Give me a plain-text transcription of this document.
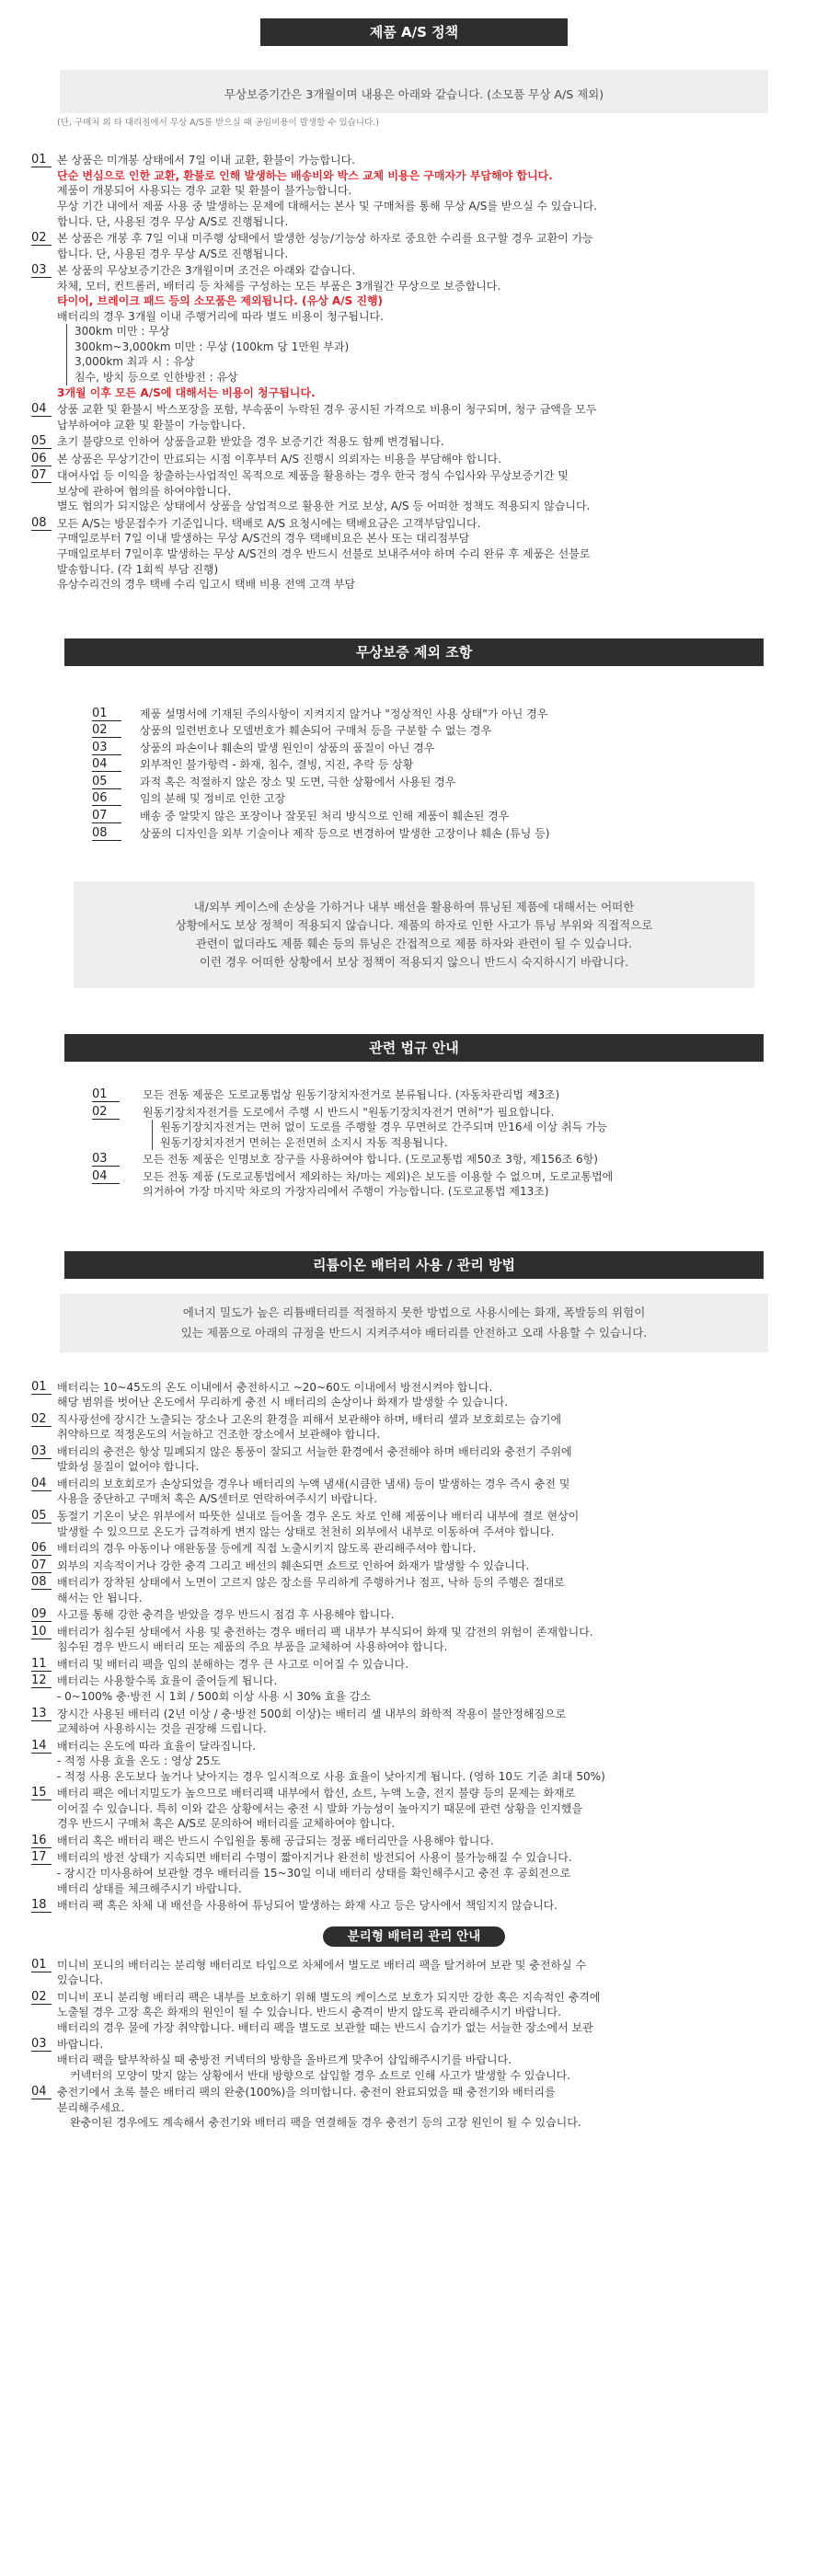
제품 A/S 정책
무상보증기간은 3개월이며 내용은 아래와 같습니다. (소모품 무상 A/S 제외)
(단, 구매처 외 타 대리점에서 무상 A/S를 받으실 때 공임비용이 발생할 수 있습니다.)
01 본 상품은 미개봉 상태에서 7일 이내 교환, 환불이 가능합니다.
단순 변심으로 인한 교환, 환불로 인해 발생하는 배송비와 박스 교체 비용은 구매자가 부담해야 합니다.
제품이 개봉되어 사용되는 경우 교환 및 환불이 불가능합니다.
무상 기간 내에서 제품 사용 중 발생하는 문제에 대해서는 본사 및 구매처를 통해 무상 A/S를 받으실 수 있습니다.
합니다. 단, 사용된 경우 무상 A/S로 진행됩니다.
02 본 상품은 개봉 후 7일 이내 미주행 상태에서 발생한 성능/기능상 하자로 중요한 수리를 요구할 경우 교환이 가능
합니다. 단, 사용된 경우 무상 A/S로 진행됩니다.
03 본 상품의 무상보증기간은 3개월이며 조건은 아래와 같습니다.
차체, 모터, 컨트롤러, 배터리 등 차체를 구성하는 모든 부품은 3개월간 무상으로 보증합니다.
타이어, 브레이크 패드 등의 소모품은 제외됩니다. (유상 A/S 진행)
배터리의 경우 3개월 이내 주행거리에 따라 별도 비용이 청구됩니다.
300km 미만 : 무상
300km~3,000km 미만 : 무상 (100km 당 1만원 부과)
3,000km 최과 시 : 유상
침수, 방치 등으로 인한방전 : 유상
3개월 이후 모든 A/S에 대해서는 비용이 청구됩니다.
04 상품 교환 및 환불시 박스포장을 포함, 부속품이 누락된 경우 공시된 가격으로 비용이 청구되며, 청구 금액을 모두
납부하여야 교환 및 환불이 가능합니다.
05 초기 불량으로 인하여 상품을교환 받았을 경우 보증기간 적용도 함께 변경됩니다.
06 본 상품은 무상기간이 만료되는 시점 이후부터 A/S 진행시 의뢰자는 비용을 부담해야 합니다.
07 대여사업 등 이익을 창출하는사업적인 목적으로 제품을 활용하는 경우 한국 정식 수입사와 무상보증기간 및
보상에 관하여 협의를 하여야합니다.
별도 협의가 되지않은 상태에서 상품을 상업적으로 활용한 거로 보상, A/S 등 어떠한 정책도 적용되지 않습니다.
08 모든 A/S는 방문접수가 기준입니다. 택배로 A/S 요청시에는 택배요금은 고객부담입니다.
구매일로부터 7일 이내 발생하는 무상 A/S건의 경우 택배비요은 본사 또는 대리점부담
구매일로부터 7일이후 발생하는 무상 A/S건의 경우 반드시 선불로 보내주셔야 하며 수리 완류 후 제품은 선불로
발송합니다. (각 1회씩 부담 진행)
유상수리건의 경우 택배 수리 입고시 택배 비용 전액 고객 부담
무상보증 제외 조항
01	제품 설명서에 기재된 주의사항이 지켜지지 않거나 "정상적인 사용 상태"가 아닌 경우
02	상품의 일련번호나 모델번호가 훼손되어 구매처 등을 구분할 수 없는 경우
03	상품의 파손이나 훼손의 발생 원인이 상품의 품질이 아닌 경우
04	외부적인 불가항력 - 화재, 침수, 결빙, 지진, 추락 등 상황
05	과적 혹은 적절하지 않은 장소 및 도면, 극한 상황에서 사용된 경우
06	임의 분해 및 정비로 인한 고장
07	배송 중 알맞지 않은 포장이나 잘못된 처리 방식으로 인해 제품이 훼손된 경우
08	상품의 디자인을 외부 기술이나 제작 등으로 변경하여 발생한 고장이나 훼손 (튜닝 등)
내/외부 케이스에 손상을 가하거나 내부 배선을 활용하여 튜닝된 제품에 대해서는 어떠한
상황에서도 보상 정책이 적용되지 않습니다. 제품의 하자로 인한 사고가 튜닝 부위와 직접적으로
관련이 없더라도 제품 훼손 등의 튜닝은 간접적으로 제품 하자와 관련이 될 수 있습니다.
이런 경우 어떠한 상황에서 보상 정책이 적용되지 않으니 반드시 숙지하시기 바랍니다.
관련 법규 안내
01	모든 전동 제품은 도로교통법상 원동기장치자전거로 분류됩니다. (자동차관리법 제3조)
02	원동기장치자전거를 도로에서 주행 시 반드시 "원동기장치자전거 면허"가 필요합니다.
원동기장치자전거는 면허 없이 도로를 주행할 경우 무면허로 간주되며 만16세 이상 취득 가능
원동기장치자전거 면허는 운전면허 소지시 자동 적용됩니다.
03	모든 전동 제품은 인명보호 장구를 사용하여야 합니다. (도로교통법 제50조 3항, 제156조 6항)
04	모든 전동 제품 (도로교통법에서 제외하는 차/마는 제외)은 보도를 이용할 수 없으며, 도로교통법에
의거하여 가장 마지막 차로의 가장자리에서 주행이 가능합니다. (도로교통법 제13조)
리튬이온 배터리 사용 / 관리 방법
에너지 밀도가 높은 리튬배터리를 적절하지 못한 방법으로 사용시에는 화재, 폭발등의 위험이
있는 제품으로 아래의 규정을 반드시 지켜주셔야 배터리를 안전하고 오래 사용할 수 있습니다.
01 배터리는 10~45도의 온도 이내에서 충전하시고 ~20~60도 이내에서 방전시켜야 합니다.
해당 범위를 벗어난 온도에서 무리하게 충전 시 배터리의 손상이나 화재가 발생할 수 있습니다.
02 직사광선에 장시간 노출되는 장소나 고온의 환경을 피해서 보관해야 하며, 배터리 셀과 보호회로는 습기에
취약하므로 적정온도의 서늘하고 건조한 장소에서 보관해야 합니다.
03 배터리의 충전은 항상 밀폐되지 않은 통풍이 잘되고 서늘한 환경에서 충전해야 하며 배터리와 충전기 주위에
발화성 물질이 없어야 합니다.
04 배터리의 보호회로가 손상되었을 경우나 배터리의 누액 냄새(시큼한 냄새) 등이 발생하는 경우 즉시 충전 및
사용을 중단하고 구매처 혹은 A/S센터로 연락하여주시기 바랍니다.
05 동절기 기온이 낮은 위부에서 따뜻한 실내로 들어올 경우 온도 차로 인해 제품이나 배터리 내부에 결로 현상이
발생할 수 있으므로 온도가 급격하게 변지 않는 상태로 천천히 외부에서 내부로 이동하여 주셔야 합니다.
06 배터리의 경우 아동이나 애완동물 등에게 직접 노출시키지 않도록 관리해주셔야 합니다.
07 외부의 지속적이거나 강한 충격 그리고 배선의 훼손되면 쇼트로 인하여 화재가 발생할 수 있습니다.
08 배터리가 장착된 상태에서 노면이 고르지 않은 장소를 무리하게 주행하거나 점프, 낙하 등의 주행은 절대로
해서는 안 됩니다.
09 사고를 통해 강한 충격을 받았을 경우 반드시 점검 후 사용해야 합니다.
10 배터리가 침수된 상태에서 사용 및 충전하는 경우 배터리 팩 내부가 부식되어 화재 및 감전의 위험이 존재합니다.
침수된 경우 반드시 배터리 또는 제품의 주요 부품을 교체하여 사용하여야 합니다.
11 배터리 및 배터리 팩을 임의 분해하는 경우 큰 사고로 이어질 수 있습니다.
12 배터리는 사용할수록 효율이 줄어들게 됩니다.
- 0~100% 충·방전 시 1회 / 500회 이상 사용 시 30% 효율 감소
13 장시간 사용된 배터리 (2년 이상 / 충·방전 500회 이상)는 배터리 셀 내부의 화학적 작용이 불안정해짐으로
교체하여 사용하시는 것을 권장해 드립니다.
14 배터리는 온도에 따라 효율이 달라집니다.
- 적정 사용 효율 온도 : 영상 25도
- 적정 사용 온도보다 높거나 낮아지는 경우 일시적으로 사용 효율이 낮아지게 됩니다. (영하 10도 기준 최대 50%)
15 배터리 팩은 에너지밀도가 높으므로 배터리팩 내부에서 합선, 쇼트, 누액 노출, 전지 불량 등의 문제는 화재로
이어질 수 있습니다. 특히 이와 같은 상황에서는 충전 시 발화 가능성이 높아지기 때문에 관련 상황을 인지했을
경우 반드시 구매처 혹은 A/S로 문의하여 배터리를 교체하여야 합니다.
16 배터리 혹은 배터리 팩은 반드시 수입원을 통해 공급되는 정품 배터리만을 사용해야 합니다.
17 배터리의 방전 상태가 지속되면 배터리 수명이 짧아지거나 완전히 방전되어 사용이 불가능해질 수 있습니다.
- 장시간 미사용하여 보관할 경우 배터리를 15~30일 이내 배터리 상태를 확인해주시고 충전 후 공회전으로
배터리 상태를 체크해주시기 바랍니다.
18 배터리 팩 혹은 차체 내 배선을 사용하여 튜닝되어 발생하는 화재 사고 등은 당사에서 책임지지 않습니다.
분리형 배터리 관리 안내
01 미니비 포니의 배터리는 분리형 배터리로 타입으로 차체에서 별도로 배터리 팩을 탈거하여 보관 및 충전하실 수
있습니다.
02 미니비 포니 분리형 배터리 팩은 내부를 보호하기 위해 별도의 케이스로 보호가 되지만 강한 혹은 지속적인 충격에
노출될 경우 고장 혹은 화재의 원인이 될 수 있습니다. 반드시 충격이 받지 않도록 관리해주시기 바랍니다.
배터리의 경우 물에 가장 취약합니다. 배터리 팩을 별도로 보관할 때는 반드시 습기가 없는 서늘한 장소에서 보관
03 바랍니다.
배터리 팩을 탈부착하실 때 충방전 커넥터의 방향을 올바르게 맞추어 삽입해주시기를 바랍니다.
커넥터의 모양이 맞지 않는 상황에서 반대 방향으로 삽입할 경우 쇼트로 인해 사고가 발생할 수 있습니다.
04 충전기에서 초록 불은 배터리 팩의 완충(100%)을 의미합니다. 충전이 완료되었을 때 충전기와 배터리를
분리해주세요.
완충이된 경우에도 계속해서 충전기와 배터리 팩을 연결해둘 경우 충전기 등의 고장 원인이 될 수 있습니다.
